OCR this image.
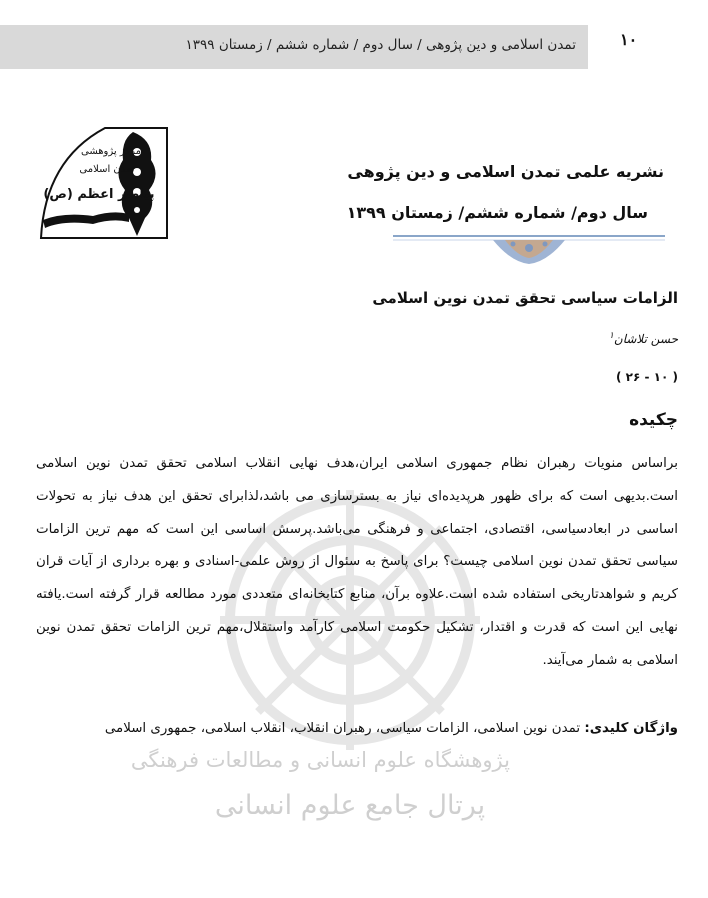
تمدن اسلامی و دین پژوهی / سال دوم / شماره ششم / زمستان ۱۳۹۹	۱۰
مرکز پژوهشی
تمدن اسلامی
پیامبر اعظم (ص)
نشریه علمی تمدن اسلامی و دین پژوهی
سال دوم/ شماره ششم/ زمستان ۱۳۹۹
الزامات سیاسی تحقق تمدن نوین اسلامی
حسن تلاشان$^۱$
( ۱۰ - ۲۶ )
پژوهشگاه علوم انسانی و مطالعات فرهنگی
پرتال جامع علوم انسانی
چکیده
براساس منویات رهبران نظام جمهوری اسلامی ایران،هدف نهایی انقلاب اسلامی تحقق تمدن نوین اسلامی است.بدیهی است که برای ظهور هرپدیده‌ای نیاز به بسترسازی می باشد،لذابرای تحقق این هدف نیاز به تحولات اساسی در ابعادسیاسی، اقتصادی، اجتماعی و فرهنگی می‌باشد.پرسش اساسی این است که مهم ترین الزامات سیاسی تحقق تمدن نوین اسلامی چیست؟ برای پاسخ به سئوال از روش علمی-اسنادی و بهره برداری از آیات قران کریم و شواهدتاریخی استفاده شده است.علاوه برآن، منابع کتابخانه‌ای متعددی مورد مطالعه قرار گرفته است.یافته نهایی این است که قدرت و اقتدار، تشکیل حکومت اسلامی کارآمد واستقلال،مهم ترین الزامات تحقق تمدن نوین اسلامی به شمار می‌آیند.
واژگان کلیدی: تمدن نوین اسلامی، الزامات سیاسی، رهبران انقلاب، انقلاب اسلامی، جمهوری اسلامی
